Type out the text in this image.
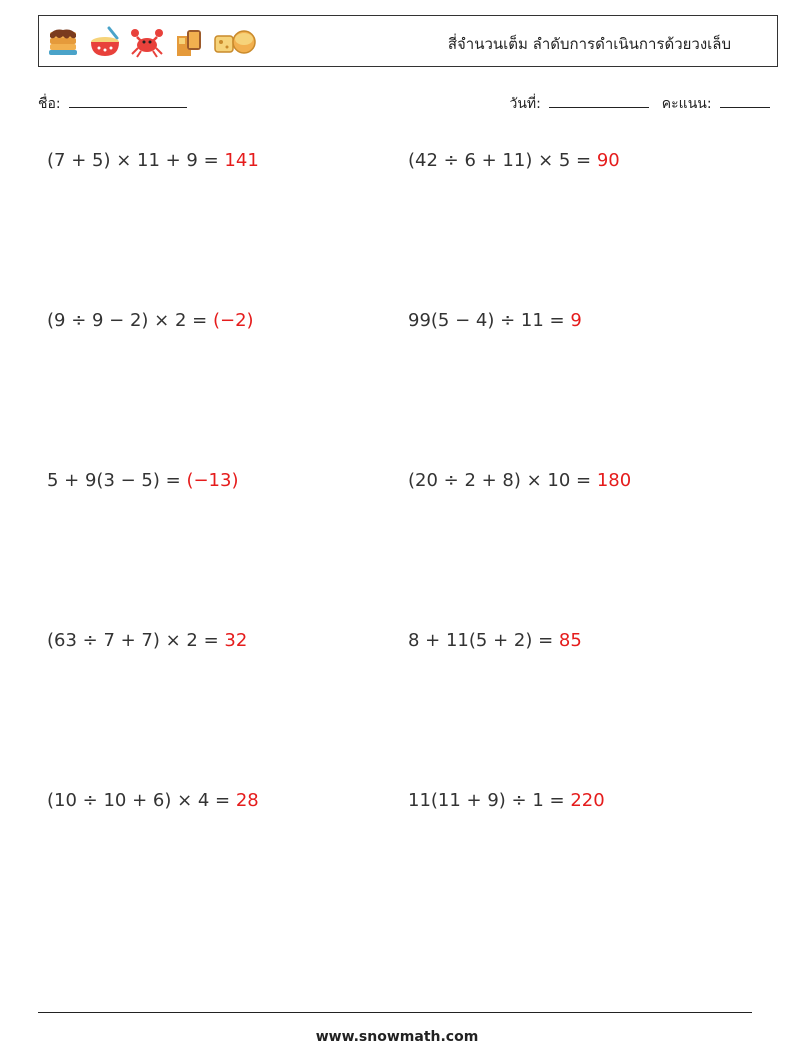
สี่จำนวนเต็ม ลำดับการดำเนินการด้วยวงเล็บ
ชื่อ:	วันที่:	คะแนน:
(7 + 5) × 11 + 9 = 141	(42 ÷ 6 + 11) × 5 = 90
(9 ÷ 9 − 2) × 2 = (−2)	99(5 − 4) ÷ 11 = 9
5 + 9(3 − 5) = (−13)	(20 ÷ 2 + 8) × 10 = 180
(63 ÷ 7 + 7) × 2 = 32	8 + 11(5 + 2) = 85
(10 ÷ 10 + 6) × 4 = 28	11(11 + 9) ÷ 1 = 220
www.snowmath.com
